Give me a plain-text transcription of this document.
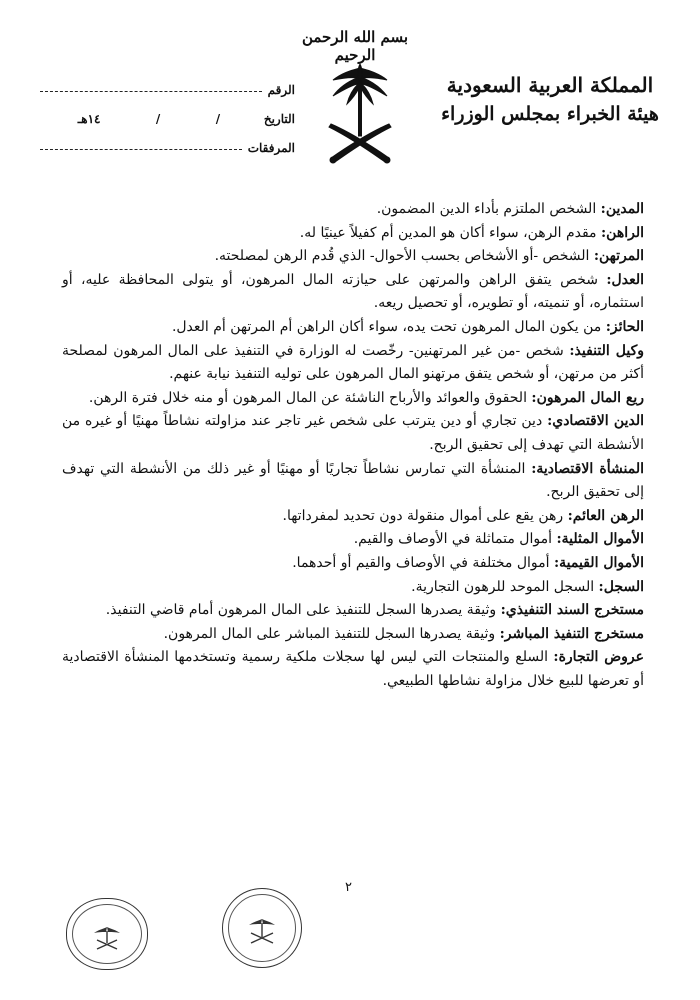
بسم الله الرحمن الرحيم
المملكة العربية السعودية
هيئة الخبراء بمجلس الوزراء
الرقم
التاريخ
/
/
١٤هـ
المرفقات

المدين: الشخص الملتزم بأداء الدين المضمون.

الراهن: مقدم الرهن، سواء أكان هو المدين أم كفيلاً عينيًا له.

المرتهن: الشخص -أو الأشخاص بحسب الأحوال- الذي قُدم الرهن لمصلحته.

العدل: شخص يتفق الراهن والمرتهن على حيازته المال المرهون، أو يتولى المحافظة عليه، أو استثماره، أو تنميته، أو تطويره، أو تحصيل ريعه.

الحائز: من يكون المال المرهون تحت يده، سواء أكان الراهن أم المرتهن أم العدل.

وكيل التنفيذ: شخص -من غير المرتهنين- رخّصت له الوزارة في التنفيذ على المال المرهون لمصلحة أكثر من مرتهن، أو شخص يتفق مرتهنو المال المرهون على توليه التنفيذ نيابة عنهم.

ريع المال المرهون: الحقوق والعوائد والأرباح الناشئة عن المال المرهون أو منه خلال فترة الرهن.

الدين الاقتصادي: دين تجاري أو دين يترتب على شخص غير تاجر عند مزاولته نشاطاً مهنيًا أو غيره من الأنشطة التي تهدف إلى تحقيق الربح.

المنشأة الاقتصادية: المنشأة التي تمارس نشاطاً تجاريًا أو مهنيًا أو غير ذلك من الأنشطة التي تهدف إلى تحقيق الربح.

الرهن العائم: رهن يقع على أموال منقولة دون تحديد لمفرداتها.

الأموال المثلية: أموال متماثلة في الأوصاف والقيم.

الأموال القيمية: أموال مختلفة في الأوصاف والقيم أو أحدهما.

السجل: السجل الموحد للرهون التجارية.

مستخرج السند التنفيذي: وثيقة يصدرها السجل للتنفيذ على المال المرهون أمام قاضي التنفيذ.

مستخرج التنفيذ المباشر: وثيقة يصدرها السجل للتنفيذ المباشر على المال المرهون.

عروض التجارة: السلع والمنتجات التي ليس لها سجلات ملكية رسمية وتستخدمها المنشأة الاقتصادية أو تعرضها للبيع خلال مزاولة نشاطها الطبيعي.

٢
